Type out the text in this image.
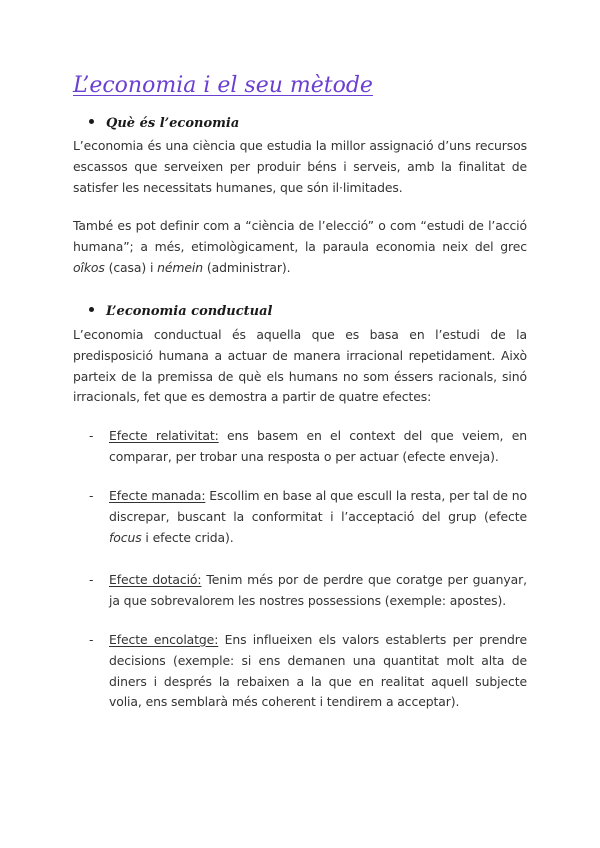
L’economia i el seu mètode
Què és l’economia

L’economia és una ciència que estudia la millor assignació d’uns recursos escassos que serveixen per produir béns i serveis, amb la finalitat de satisfer les necessitats humanes, que són il·limitades.

També es pot definir com a “ciència de l’elecció” o com “estudi de l’acció humana”; a més, etimològicament, la paraula economia neix del grec oîkos (casa) i némein (administrar).

L’economia conductual

L’economia conductual és aquella que es basa en l’estudi de la predisposició humana a actuar de manera irracional repetidament. Això parteix de la premissa de què els humans no som éssers racionals, sinó irracionals, fet que es demostra a partir de quatre efectes:

-	Efecte relativitat: ens basem en el context del que veiem, en comparar, per trobar una resposta o per actuar (efecte enveja).
-	Efecte manada: Escollim en base al que escull la resta, per tal de no discrepar, buscant la conformitat i l’acceptació del grup (efecte focus i efecte crida).
-	Efecte dotació: Tenim més por de perdre que coratge per guanyar, ja que sobrevalorem les nostres possessions (exemple: apostes).
-	Efecte encolatge: Ens influeixen els valors establerts per prendre decisions (exemple: si ens demanen una quantitat molt alta de diners i després la rebaixen a la que en realitat aquell subjecte volia, ens semblarà més coherent i tendirem a acceptar).
